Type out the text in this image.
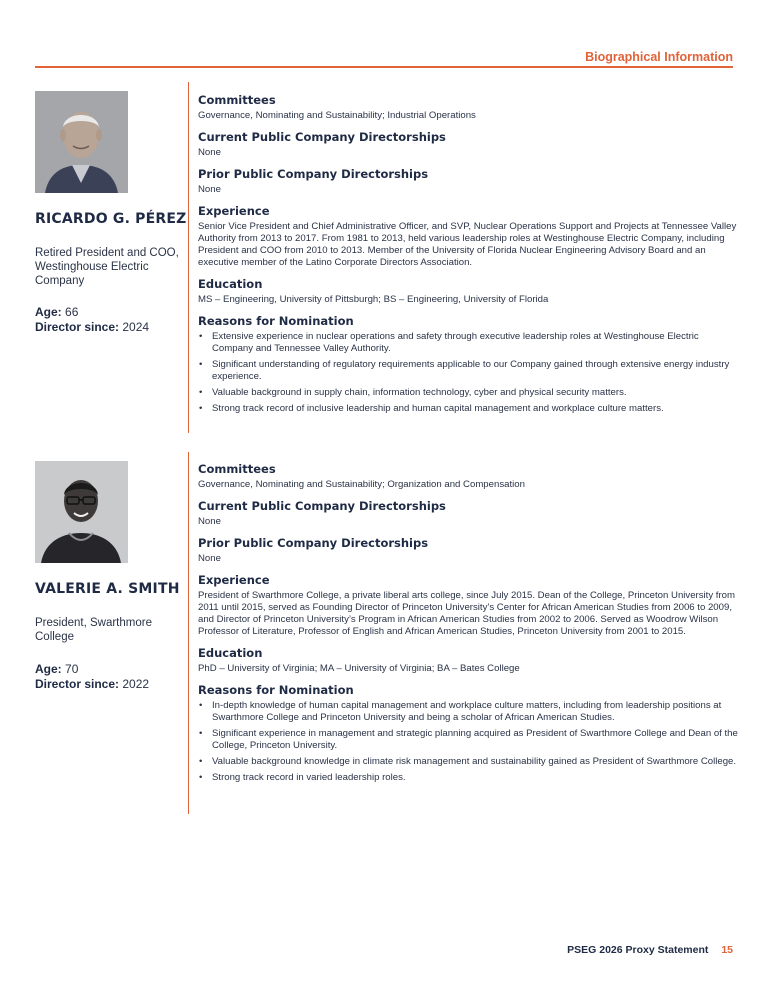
Biographical Information
RICARDO G. PÉREZ
Retired President and COO, Westinghouse Electric Company
Age: 66
Director since: 2024
Committees
Governance, Nominating and Sustainability; Industrial Operations
Current Public Company Directorships
None
Prior Public Company Directorships
None
Experience
Senior Vice President and Chief Administrative Officer, and SVP, Nuclear Operations Support and Projects at Tennessee Valley Authority from 2013 to 2017. From 1981 to 2013, held various leadership roles at Westinghouse Electric Company, including President and COO from 2010 to 2013. Member of the University of Florida Nuclear Engineering Advisory Board and an executive member of the Latino Corporate Directors Association.
Education
MS – Engineering, University of Pittsburgh; BS – Engineering, University of Florida
Reasons for Nomination
• Extensive experience in nuclear operations and safety through executive leadership roles at Westinghouse Electric Company and Tennessee Valley Authority.
• Significant understanding of regulatory requirements applicable to our Company gained through extensive energy industry experience.
• Valuable background in supply chain, information technology, cyber and physical security matters.
• Strong track record of inclusive leadership and human capital management and workplace culture matters.
VALERIE A. SMITH
President, Swarthmore College
Age: 70
Director since: 2022
Committees
Governance, Nominating and Sustainability; Organization and Compensation
Current Public Company Directorships
None
Prior Public Company Directorships
None
Experience
President of Swarthmore College, a private liberal arts college, since July 2015. Dean of the College, Princeton University from 2011 until 2015, served as Founding Director of Princeton University’s Center for African American Studies from 2006 to 2009, and Director of Princeton University’s Program in African American Studies from 2002 to 2006. Served as Woodrow Wilson Professor of Literature, Professor of English and African American Studies, Princeton University from 2001 to 2015.
Education
PhD – University of Virginia; MA – University of Virginia; BA – Bates College
Reasons for Nomination
• In-depth knowledge of human capital management and workplace culture matters, including from leadership positions at Swarthmore College and Princeton University and being a scholar of African American Studies.
• Significant experience in management and strategic planning acquired as President of Swarthmore College and Dean of the College, Princeton University.
• Valuable background knowledge in climate risk management and sustainability gained as President of Swarthmore College.
• Strong track record in varied leadership roles.
PSEG 2026 Proxy Statement 15
